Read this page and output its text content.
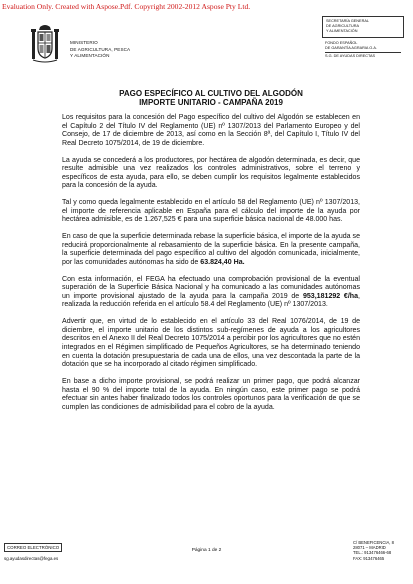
Evaluation Only. Created with Aspose.Pdf. Copyright 2002-2012 Aspose Pty Ltd.
MINISTERIO
DE AGRICULTURA, PESCA
Y ALIMENTACIÓN
SECRETARÍA GENERAL
DE AGRICULTURA
Y ALIMENTACIÓN
FONDO ESPAÑOL
DE GARANTÍA AGRARIA O.A.
S.G. DE AYUDAS DIRECTAS
PAGO ESPECÍFICO AL CULTIVO DEL ALGODÓN
IMPORTE UNITARIO - CAMPAÑA 2019

Los requisitos para la concesión del Pago específico del cultivo del Algodón se establecen en el Capítulo 2 del Título IV del Reglamento (UE) nº 1307/2013 del Parlamento Europeo y del Consejo, de 17 de diciembre de 2013, así como en la Sección 8ª, del Capítulo I, Título IV del Real Decreto 1075/2014, de 19 de diciembre.

La ayuda se concederá a los productores, por hectárea de algodón determinada, es decir, que resulte admisible una vez realizados los controles administrativos, sobre el terreno y específicos de esta ayuda, para ello, se deben cumplir los requisitos legalmente establecidos para la concesión de la ayuda.

Tal y como queda legalmente establecido en el artículo 58 del Reglamento (UE) nº 1307/2013, el importe de referencia aplicable en España para el cálculo del importe de la ayuda por hectárea admisible, es de 1.267,525 € para una superficie básica nacional de 48.000 has.

En caso de que la superficie determinada rebase la superficie básica, el importe de la ayuda se reducirá proporcionalmente al rebasamiento de la superficie básica. En la presente campaña, la superficie determinada del pago específico al cultivo del algodón comunicada, inicialmente, por las comunidades autónomas ha sido de 63.824,40 Ha.

Con esta información, el FEGA ha efectuado una comprobación provisional de la eventual superación de la Superficie Básica Nacional y ha comunicado a las comunidades autónomas un importe provisional ajustado de la ayuda para la campaña 2019 de 953,181292 €/ha, realizada la reducción referida en el artículo 58.4 del Reglamento (UE) nº 1307/2013.

Advertir que, en virtud de lo establecido en el artículo 33 del Real 1076/2014, de 19 de diciembre, el importe unitario de los distintos sub-regímenes de ayuda a los agricultores descritos en el Anexo II del Real Decreto 1075/2014 a percibir por los agricultores que no estén integrados en el Régimen simplificado de Pequeños Agricultores, se ha determinado teniendo en cuenta la dotación presupuestaria de cada una de ellos, una vez descontada la parte de la dotación que se ha incorporado al citado régimen simplificado.

En base a dicho importe provisional, se podrá realizar un primer pago, que podrá alcanzar hasta el 90 % del importe total de la ayuda. En ningún caso, este primer pago se podrá efectuar sin antes haber finalizado todos los controles oportunos para la verificación de que se cumplen las condiciones de admisibilidad para el cobro de la ayuda.

CORREO ELECTRÓNICO
sg.ayudasdirectas@fega.es
Página 1 de 2
C/ BENEFICENCIA, 8
28071 – MADRID
TEL.: 913476466-68
FAX: 913476465
